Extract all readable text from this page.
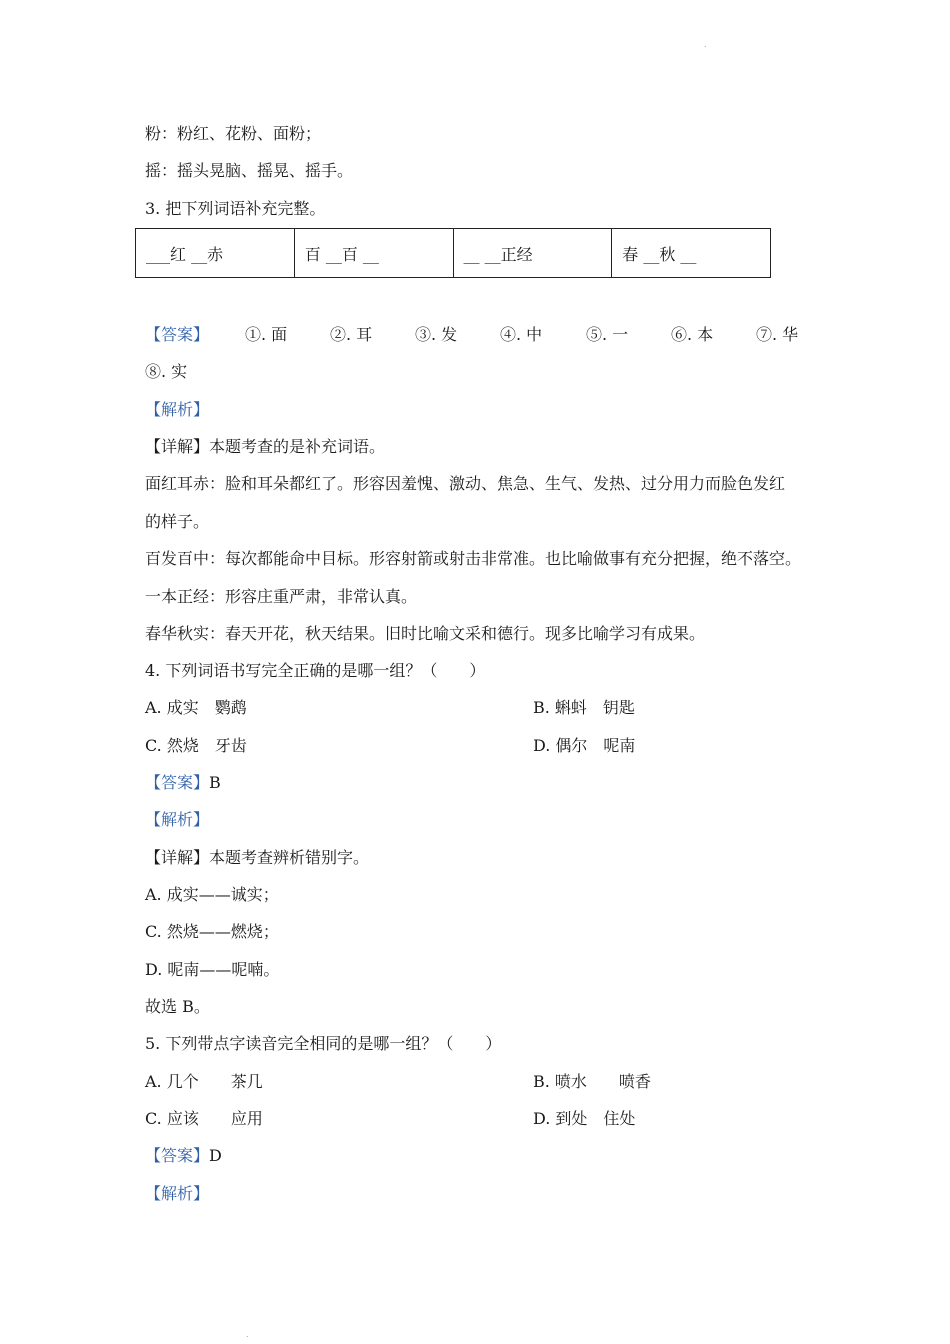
.
粉：粉红、花粉、面粉；
摇：摇头晃脑、摇晃、摇手。
3. 把下列词语补充完整。
___红 __赤	百 __百 __	__ __正经	春 __秋 __
【答案】 ①. 面	②. 耳	③. 发	④. 中	⑤. 一	⑥. 本	⑦. 华
⑧. 实
【解析】
【详解】本题考查的是补充词语。
面红耳赤：脸和耳朵都红了。形容因羞愧、激动、焦急、生气、发热、过分用力而脸色发红
的样子。
百发百中：每次都能命中目标。形容射箭或射击非常准。也比喻做事有充分把握，绝不落空。
一本正经：形容庄重严肃，非常认真。
春华秋实：春天开花，秋天结果。旧时比喻文采和德行。现多比喻学习有成果。
4. 下列词语书写完全正确的是哪一组？（　　）
A. 成实　鹦鹉	B. 蝌蚪　钥匙
C. 然烧　牙齿	D. 偶尔　呢南
【答案】B
【解析】
【详解】本题考查辨析错别字。
A. 成实——诚实；
C. 然烧——燃烧；
D. 呢南——呢喃。
故选 B。
5. 下列带点字读音完全相同的是哪一组？（　　）
A. 几个　　茶几	B. 喷水　　喷香
C. 应该　　应用	D. 到处　住处
【答案】D
【解析】
.
